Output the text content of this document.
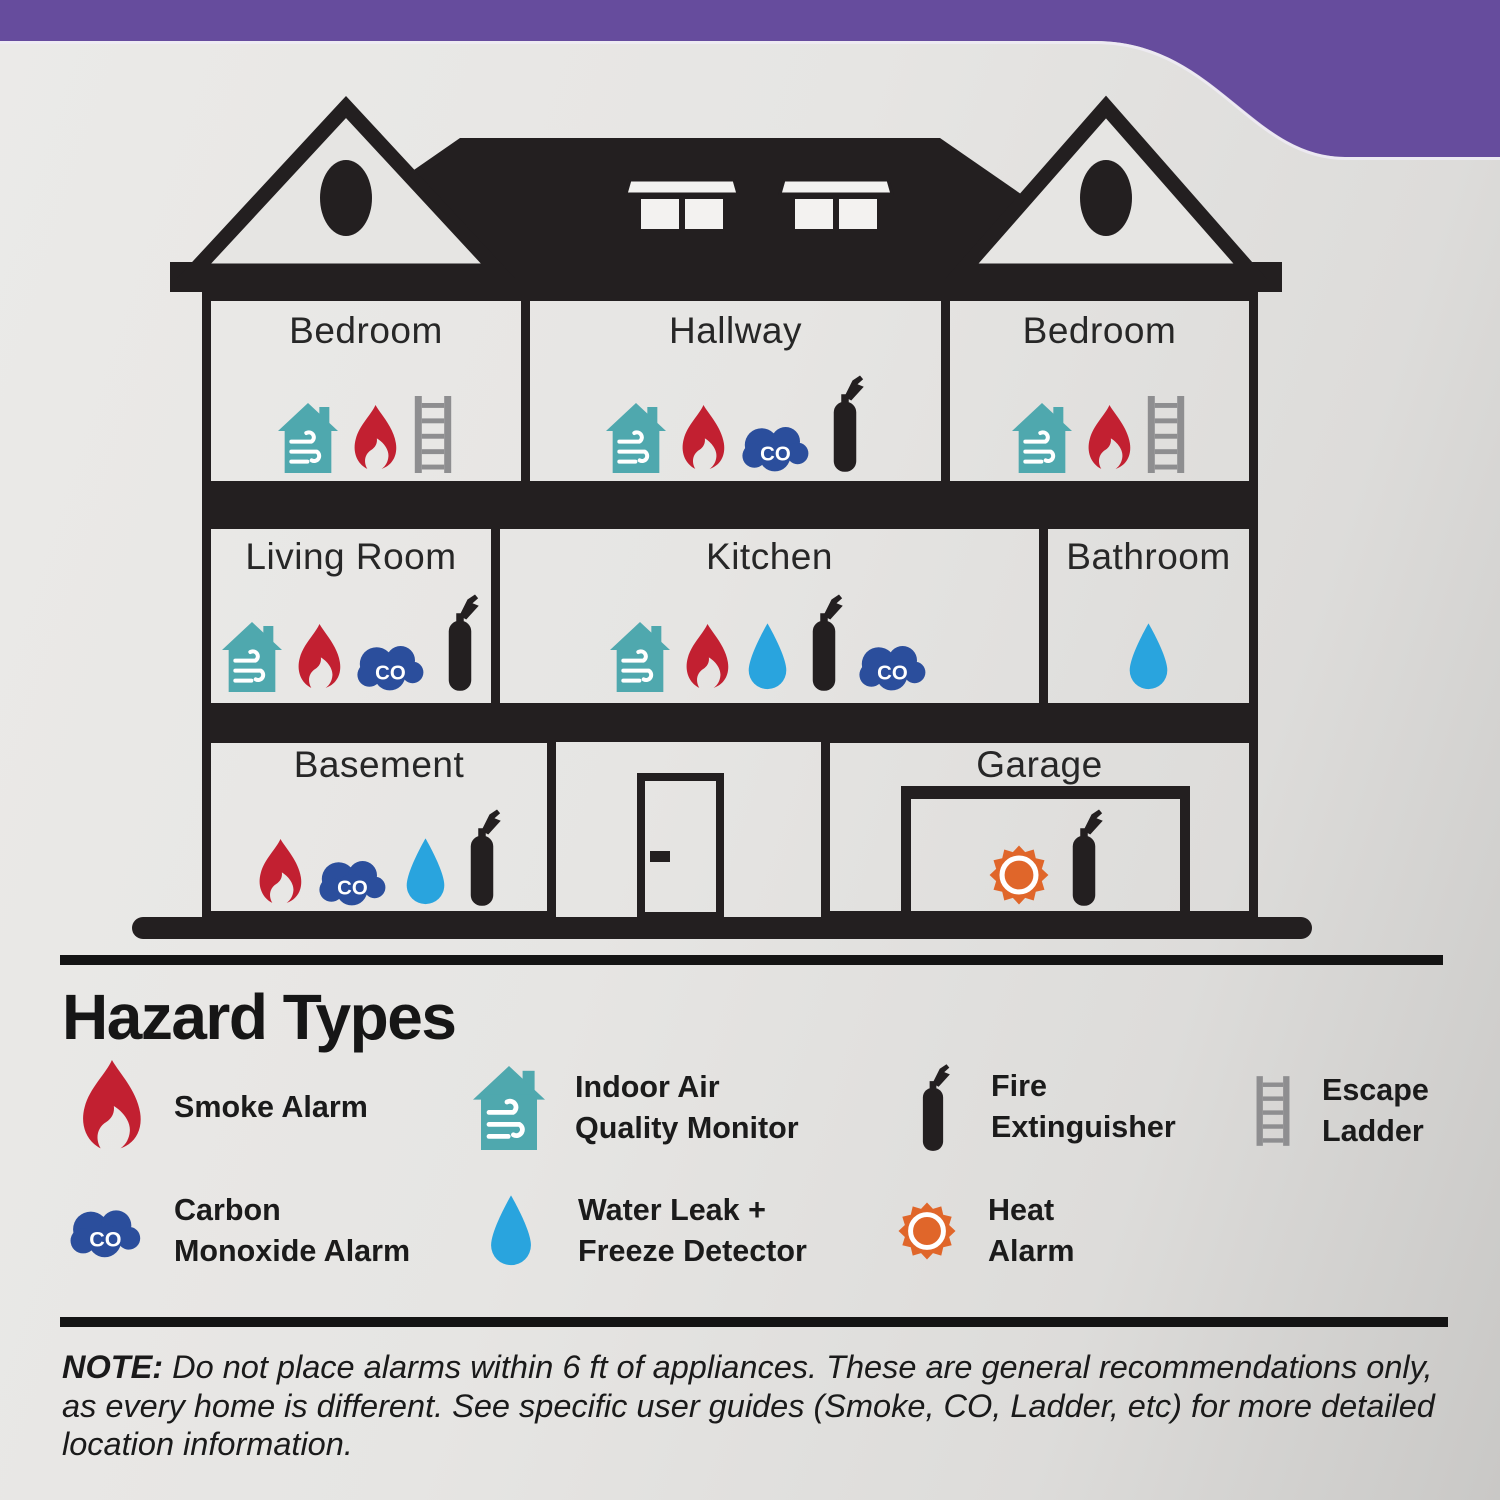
Bedroom	Hallway	Bedroom
Living Room	Kitchen	Bathroom
Basement	Garage
Hazard Types
Smoke Alarm
Indoor Air
Quality Monitor
Fire
Extinguisher
Escape
Ladder
Carbon
Monoxide Alarm
Water Leak +
Freeze Detector
Heat
Alarm
NOTE: Do not place alarms within 6 ft of appliances. These are general recommendations only, as every home is different. See specific user guides (Smoke, CO, Ladder, etc) for more detailed location information.
